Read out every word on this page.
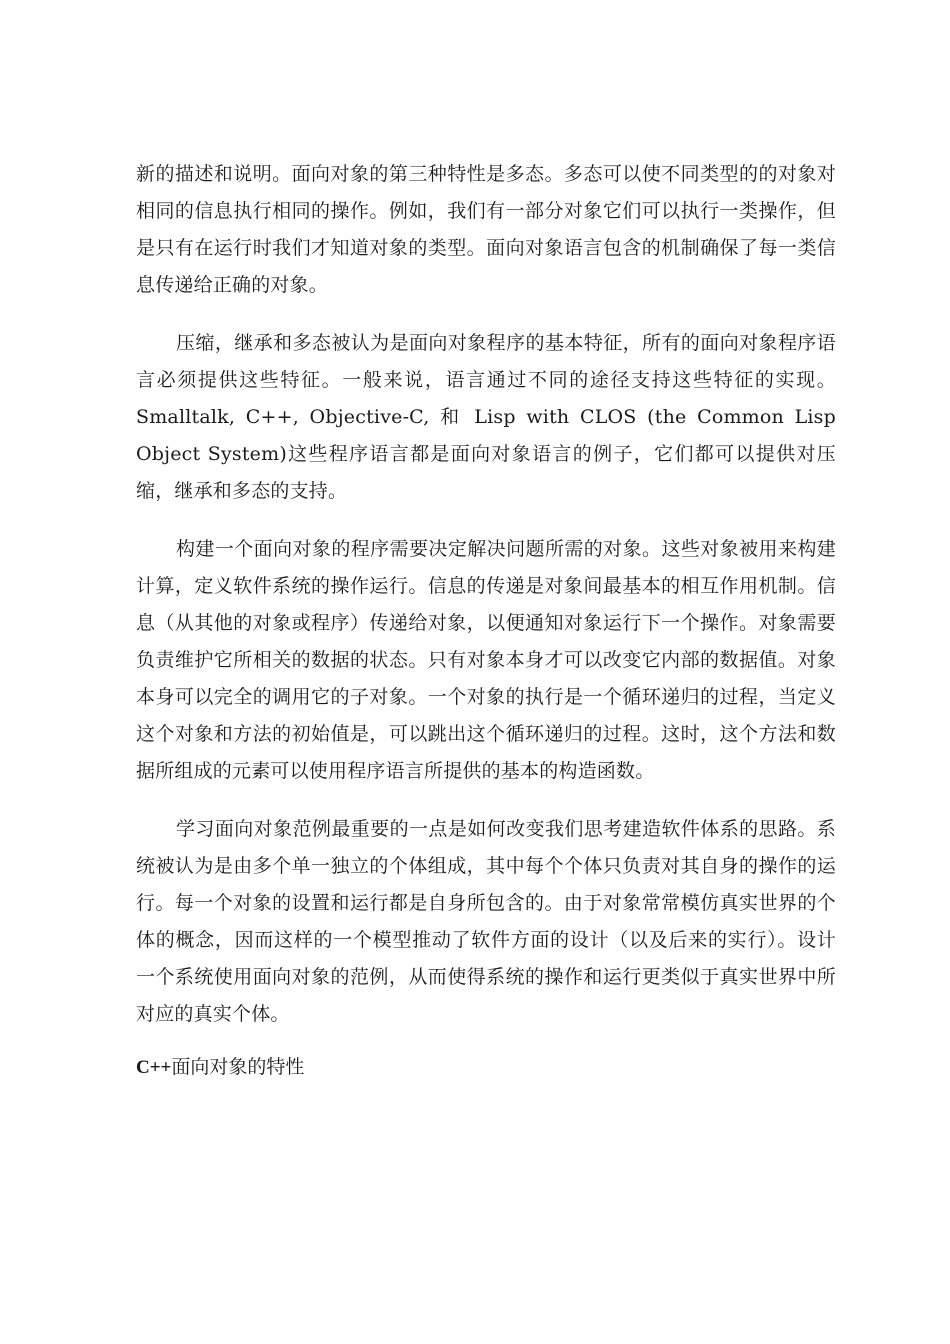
新的描述和说明。面向对象的第三种特性是多态。多态可以使不同类型的的对象对相同的信息执行相同的操作。例如，我们有一部分对象它们可以执行一类操作，但是只有在运行时我们才知道对象的类型。面向对象语言包含的机制确保了每一类信息传递给正确的对象。

压缩，继承和多态被认为是面向对象程序的基本特征，所有的面向对象程序语言必须提供这些特征。一般来说，语言通过不同的途径支持这些特征的实现。Smalltalk, C++, Objective-C, 和 Lisp with CLOS (the Common Lisp Object System)这些程序语言都是面向对象语言的例子，它们都可以提供对压缩，继承和多态的支持。

构建一个面向对象的程序需要决定解决问题所需的对象。这些对象被用来构建计算，定义软件系统的操作运行。信息的传递是对象间最基本的相互作用机制。信息（从其他的对象或程序）传递给对象，以便通知对象运行下一个操作。对象需要负责维护它所相关的数据的状态。只有对象本身才可以改变它内部的数据值。对象本身可以完全的调用它的子对象。一个对象的执行是一个循环递归的过程，当定义这个对象和方法的初始值是，可以跳出这个循环递归的过程。这时，这个方法和数据所组成的元素可以使用程序语言所提供的基本的构造函数。

学习面向对象范例最重要的一点是如何改变我们思考建造软件体系的思路。系统被认为是由多个单一独立的个体组成，其中每个个体只负责对其自身的操作的运行。每一个对象的设置和运行都是自身所包含的。由于对象常常模仿真实世界的个体的概念，因而这样的一个模型推动了软件方面的设计（以及后来的实行）。设计一个系统使用面向对象的范例，从而使得系统的操作和运行更类似于真实世界中所对应的真实个体。

C++面向对象的特性
